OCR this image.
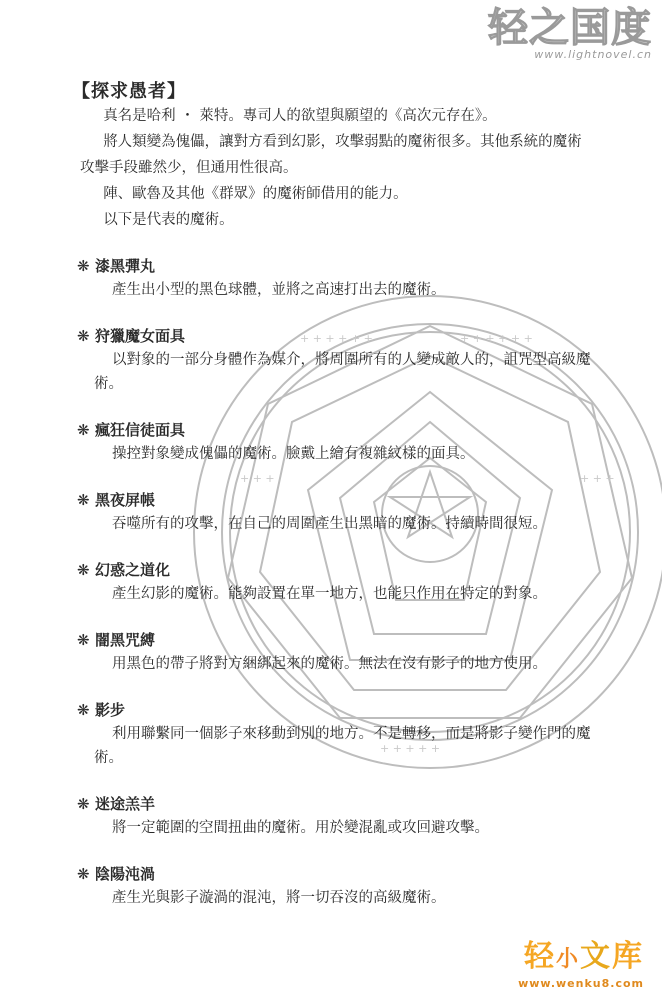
+ + + + + +	+ + + + + +
+ + +	+ + +
+ + + + +
轻之国度
www.lightnovel.cn
【探求愚者】
真名是哈利 ・ 萊特。專司人的欲望與願望的《高次元存在》。
將人類變為傀儡，讓對方看到幻影，攻擊弱點的魔術很多。其他系統的魔術
攻擊手段雖然少，但通用性很高。
陣、歐魯及其他《群眾》的魔術師借用的能力。
以下是代表的魔術。
❋ 漆黑彈丸
產生出小型的黑色球體，並將之高速打出去的魔術。
❋ 狩獵魔女面具
以對象的一部分身體作為媒介，將周圍所有的人變成敵人的，詛咒型高級魔
術。
❋ 瘋狂信徒面具
操控對象變成傀儡的魔術。臉戴上繪有複雜紋樣的面具。
❋ 黑夜屏帳
吞噬所有的攻擊，在自己的周圍產生出黑暗的魔術。持續時間很短。
❋ 幻惑之道化
產生幻影的魔術。能夠設置在單一地方，也能只作用在特定的對象。
❋ 闇黑咒縛
用黑色的帶子將對方綑綁起來的魔術。無法在沒有影子的地方使用。
❋ 影步
利用聯繫同一個影子來移動到別的地方。不是轉移，而是將影子變作門的魔
術。
❋ 迷途羔羊
將一定範圍的空間扭曲的魔術。用於變混亂或攻回避攻擊。
❋ 陰陽沌渦
產生光與影子漩渦的混沌，將一切吞沒的高級魔術。
轻小文库
www.wenku8.com
